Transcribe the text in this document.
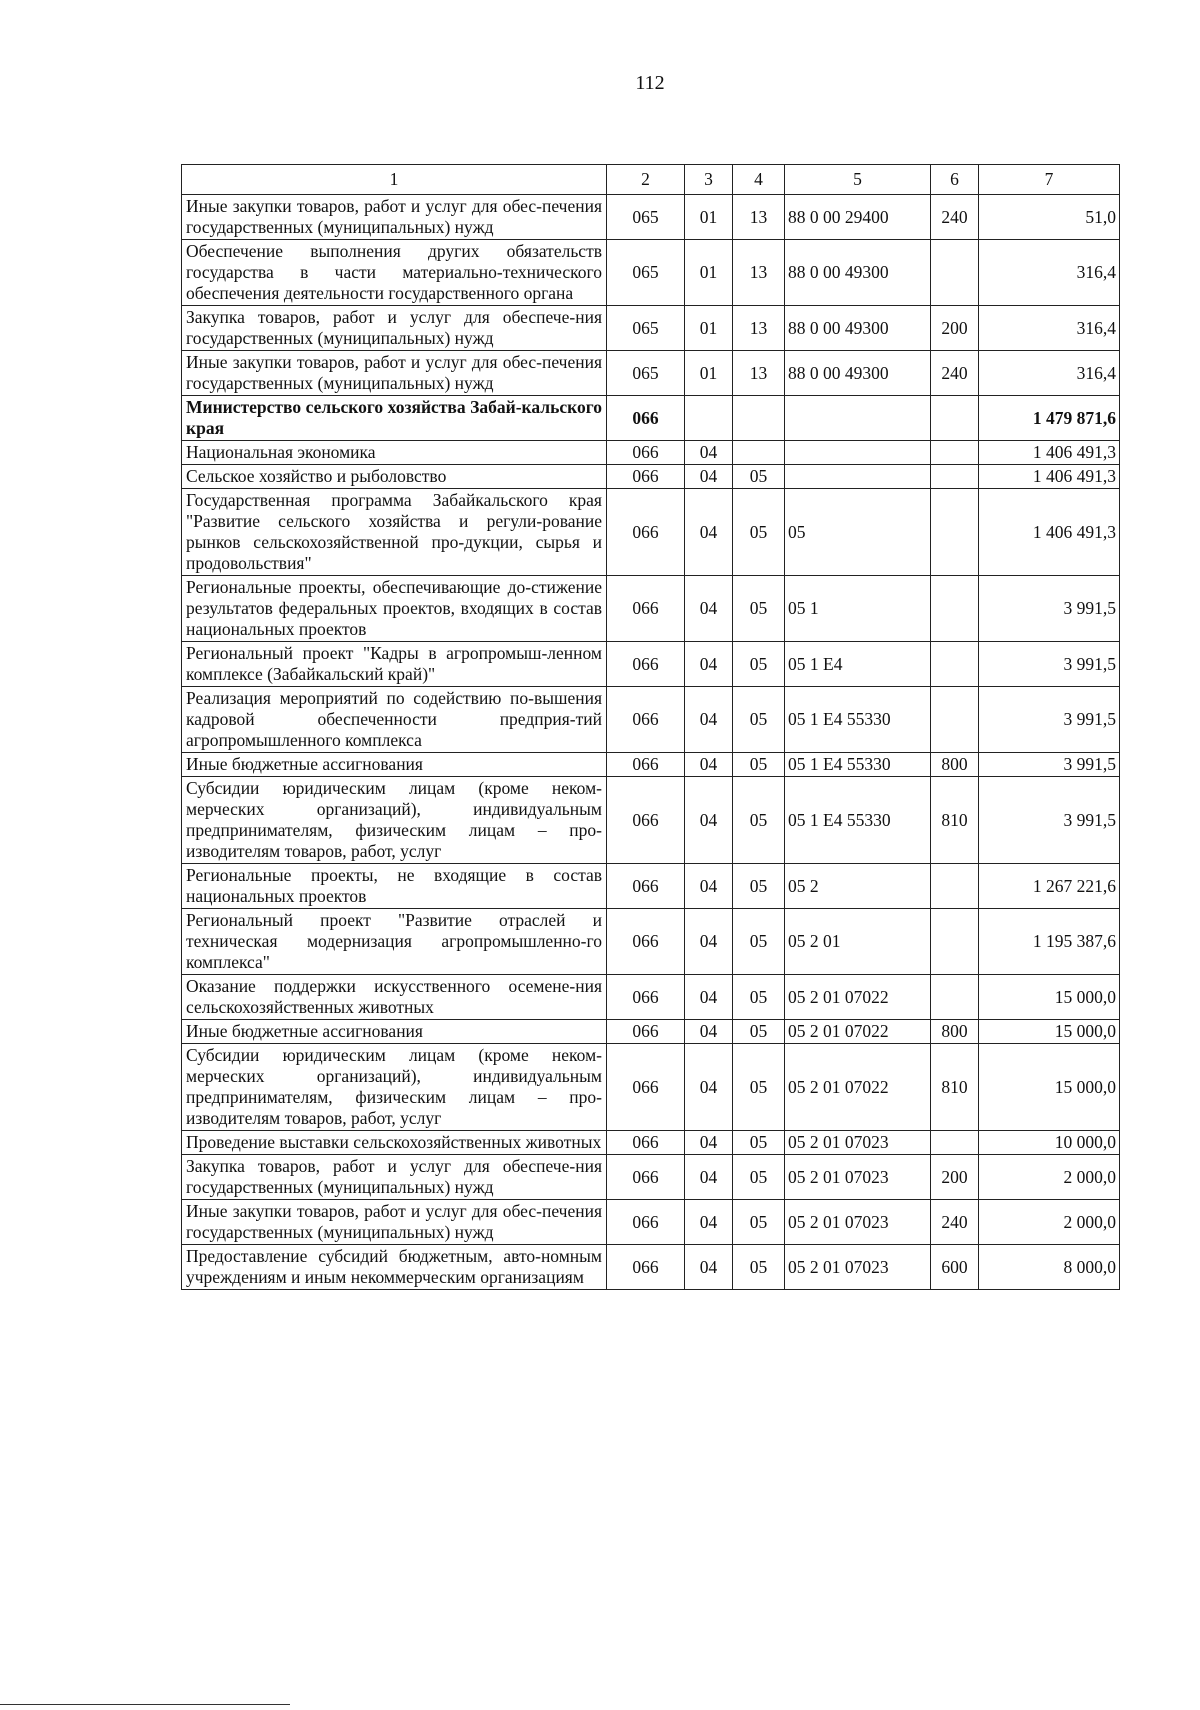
112
1	2	3	4	5	6	7
Иные закупки товаров, работ и услуг для обес-печения государственных (муниципальных) нужд	065	01	13	88 0 00 29400	240	51,0
Обеспечение выполнения других обязательств государства в части материально-технического обеспечения деятельности государственного органа	065	01	13	88 0 00 49300		316,4
Закупка товаров, работ и услуг для обеспече-ния государственных (муниципальных) нужд	065	01	13	88 0 00 49300	200	316,4
Иные закупки товаров, работ и услуг для обес-печения государственных (муниципальных) нужд	065	01	13	88 0 00 49300	240	316,4
Министерство сельского хозяйства Забай-кальского края	066					1 479 871,6
Национальная экономика	066	04				1 406 491,3
Сельское хозяйство и рыболовство	066	04	05			1 406 491,3
Государственная программа Забайкальского края "Развитие сельского хозяйства и регули-рование рынков сельскохозяйственной про-дукции, сырья и продовольствия"	066	04	05	05		1 406 491,3
Региональные проекты, обеспечивающие до-стижение результатов федеральных проектов, входящих в состав национальных проектов	066	04	05	05 1		3 991,5
Региональный проект "Кадры в агропромыш-ленном комплексе (Забайкальский край)"	066	04	05	05 1 Е4		3 991,5
Реализация мероприятий по содействию по-вышения кадровой обеспеченности предприя-тий агропромышленного комплекса	066	04	05	05 1 Е4 55330		3 991,5
Иные бюджетные ассигнования	066	04	05	05 1 Е4 55330	800	3 991,5
Субсидии юридическим лицам (кроме неком-мерческих организаций), индивидуальным предпринимателям, физическим лицам – про-изводителям товаров, работ, услуг	066	04	05	05 1 Е4 55330	810	3 991,5
Региональные проекты, не входящие в состав национальных проектов	066	04	05	05 2		1 267 221,6
Региональный проект "Развитие отраслей и техническая модернизация агропромышленно-го комплекса"	066	04	05	05 2 01		1 195 387,6
Оказание поддержки искусственного осемене-ния сельскохозяйственных животных	066	04	05	05 2 01 07022		15 000,0
Иные бюджетные ассигнования	066	04	05	05 2 01 07022	800	15 000,0
Субсидии юридическим лицам (кроме неком-мерческих организаций), индивидуальным предпринимателям, физическим лицам – про-изводителям товаров, работ, услуг	066	04	05	05 2 01 07022	810	15 000,0
Проведение выставки сельскохозяйственных животных	066	04	05	05 2 01 07023		10 000,0
Закупка товаров, работ и услуг для обеспече-ния государственных (муниципальных) нужд	066	04	05	05 2 01 07023	200	2 000,0
Иные закупки товаров, работ и услуг для обес-печения государственных (муниципальных) нужд	066	04	05	05 2 01 07023	240	2 000,0
Предоставление субсидий бюджетным, авто-номным учреждениям и иным некоммерческим организациям	066	04	05	05 2 01 07023	600	8 000,0
